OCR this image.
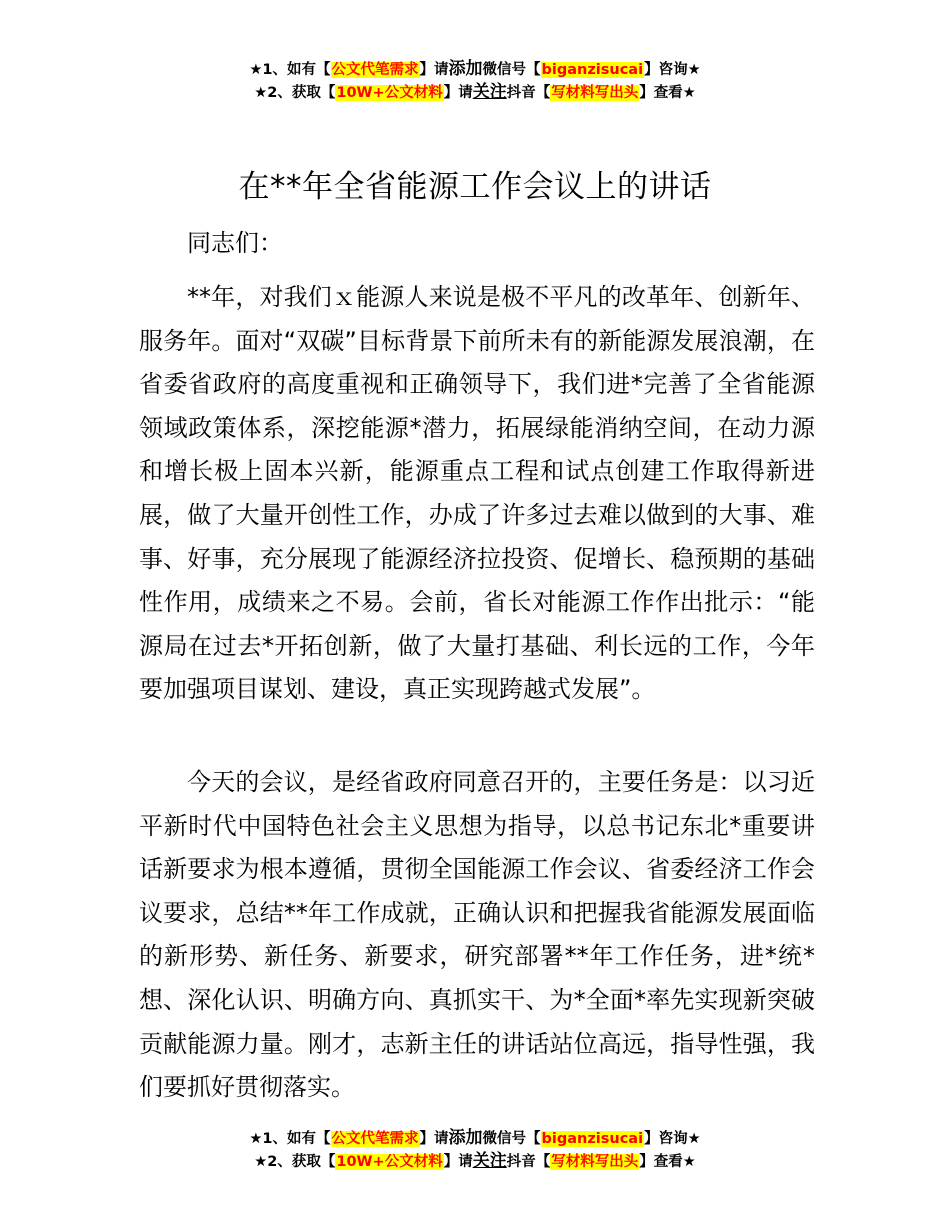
★1、如有【公文代笔需求】请添加微信号【biganzisucai】咨询★
★2、获取【10W+公文材料】请关注抖音【写材料写出头】查看★
在**年全省能源工作会议上的讲话

同志们：

**年，对我们ｘ能源人来说是极不平凡的改革年、创新年、服务年。面对“双碳”目标背景下前所未有的新能源发展浪潮，在省委省政府的高度重视和正确领导下，我们进*完善了全省能源领域政策体系，深挖能源*潜力，拓展绿能消纳空间，在动力源和增长极上固本兴新，能源重点工程和试点创建工作取得新进展，做了大量开创性工作，办成了许多过去难以做到的大事、难事、好事，充分展现了能源经济拉投资、促增长、稳预期的基础性作用，成绩来之不易。会前，省长对能源工作作出批示：“能源局在过去*开拓创新，做了大量打基础、利长远的工作，今年要加强项目谋划、建设，真正实现跨越式发展”。

今天的会议，是经省政府同意召开的，主要任务是：以习近平新时代中国特色社会主义思想为指导，以总书记东北*重要讲话新要求为根本遵循，贯彻全国能源工作会议、省委经济工作会议要求，总结**年工作成就，正确认识和把握我省能源发展面临的新形势、新任务、新要求，研究部署**年工作任务，进*统*想、深化认识、明确方向、真抓实干、为*全面*率先实现新突破贡献能源力量。刚才，志新主任的讲话站位高远，指导性强，我们要抓好贯彻落实。

★1、如有【公文代笔需求】请添加微信号【biganzisucai】咨询★
★2、获取【10W+公文材料】请关注抖音【写材料写出头】查看★
